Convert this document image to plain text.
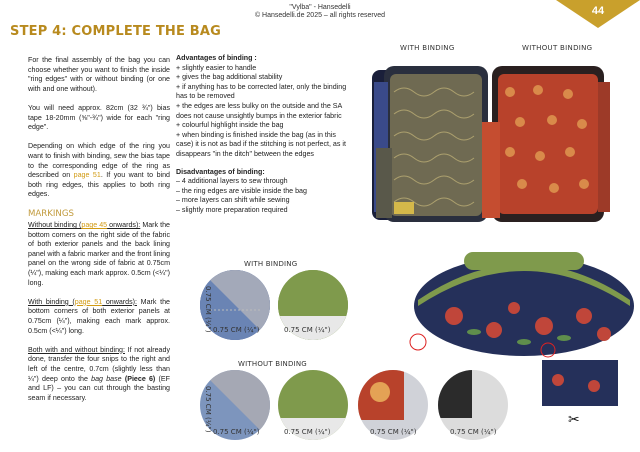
"Vylba" - Hansedelli
© Hansedelli.de 2025 – all rights reserved	44
STEP 4: COMPLETE THE BAG

For the final assembly of the bag you can choose whether you want to finish the inside "ring edges" with or without binding (or one with and one without).

You will need approx. 82cm (32 ¾") bias tape 18-20mm (⅝"-¾") wide for each "ring edge".

Depending on which edge of the ring you want to finish with binding, sew the bias tape to the corresponding edge of the ring as described on page 51. If you want to bind both ring edges, this applies to both ring edges.

MARKINGS

Without binding (page 45 onwards): Mark the bottom corners on the right side of the fabric of both exterior panels and the back lining panel with a fabric marker and the front lining panel on the wrong side of fabric at 0.75cm (¼"), making each mark approx. 0.5cm (<¼") long.

With binding (page 51 onwards): Mark the bottom corners of both exterior panels at 0.75cm (¼"), making each mark approx. 0.5cm (<¼") long.

Both with and without binding: If not already done, transfer the four snips to the right and left of the centre, 0.7cm (slightly less than ¼") deep onto the bag base (Piece 6) (EF and LF) – you can cut through the basting seam if necessary.

Advantages of binding :
+ slightly easier to handle
+ gives the bag additional stability
+ if anything has to be corrected later, only the binding has to be removed
+ the edges are less bulky on the outside and the SA does not cause unsightly bumps in the exterior fabric
+ colourful highlight inside the bag
+ when binding is finished inside the bag (as in this case) it is not as bad if the stitching is not perfect, as it disappears "in the ditch" between the edges
Disadvantages of binding:
– 4 additional layers to sew through
– the ring edges are visible inside the bag
– more layers can shift while sewing
– slightly more preparation required
WITH BINDING	WITHOUT BINDING
✂
WITH BINDING
WITHOUT BINDING
0.75 CM (¼")	0.75 CM (¼")
0.75 CM (¼")	0.75 CM (¼")	0.75 CM (¼")	0.75 CM (¼")
0.75 CM (¼")
0.75 CM (¼")
